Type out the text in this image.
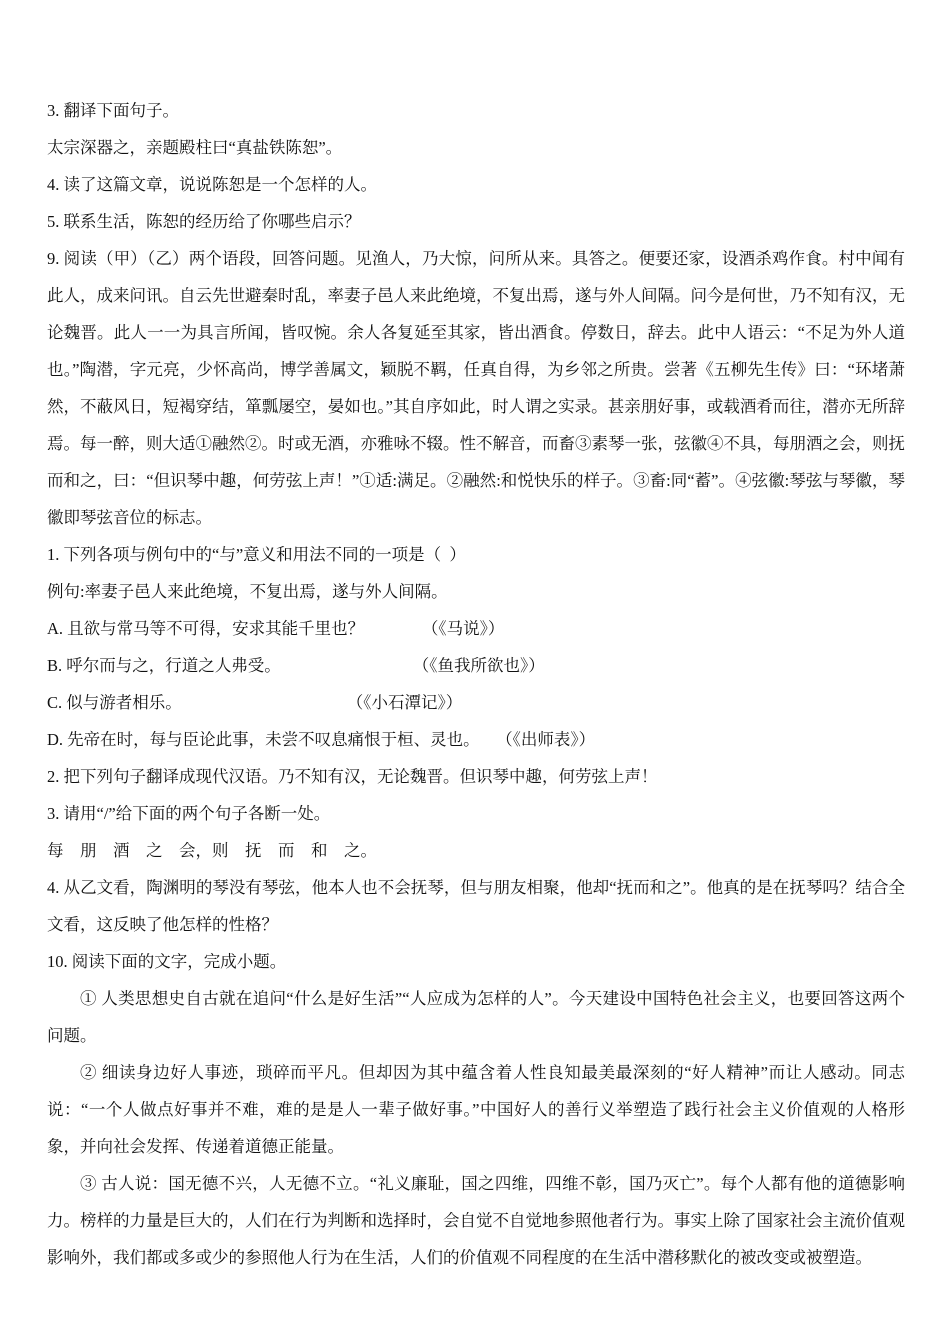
3. 翻译下面句子。

太宗深器之，亲题殿柱曰“真盐铁陈恕”。

4. 读了这篇文章，说说陈恕是一个怎样的人。

5. 联系生活，陈恕的经历给了你哪些启示？

9. 阅读（甲）（乙）两个语段，回答问题。见渔人，乃大惊，问所从来。具答之。便要还家，设酒杀鸡作食。村中闻有此人，成来问讯。自云先世避秦时乱，率妻子邑人来此绝境，不复出焉，遂与外人间隔。问今是何世，乃不知有汉，无论魏晋。此人一一为具言所闻，皆叹惋。余人各复延至其家，皆出酒食。停数日，辞去。此中人语云：“不足为外人道也。”陶潜，字元亮，少怀高尚，博学善属文，颖脱不羁，任真自得，为乡邻之所贵。尝著《五柳先生传》曰：“环堵萧然，不蔽风日，短褐穿结，箪瓢屡空，晏如也。”其自序如此，时人谓之实录。甚亲朋好事，或载酒肴而往，潜亦无所辞焉。每一醉，则大适①融然②。时或无酒，亦雅咏不辍。性不解音，而畜③素琴一张，弦徽④不具，每朋酒之会，则抚而和之，曰：“但识琴中趣，何劳弦上声！”①适:满足。②融然:和悦快乐的样子。③畜:同“蓄”。④弦徽:琴弦与琴徽，琴徽即琴弦音位的标志。

1. 下列各项与例句中的“与”意义和用法不同的一项是（  ）

例句:率妻子邑人来此绝境，不复出焉，遂与外人间隔。

A. 且欲与常马等不可得，安求其能千里也？　　　　（《马说》）

B. 呼尔而与之，行道之人弗受。　　　　　　　　　（《鱼我所欲也》）

C. 似与游者相乐。　　　　　　　　　　　（《小石潭记》）

D. 先帝在时，每与臣论此事，未尝不叹息痛恨于桓、灵也。　　（《出师表》）

2. 把下列句子翻译成现代汉语。乃不知有汉，无论魏晋。但识琴中趣，何劳弦上声！

3. 请用“/”给下面的两个句子各断一处。

每　朋　酒　之　会，则　抚　而　和　之。

4. 从乙文看，陶渊明的琴没有琴弦，他本人也不会抚琴，但与朋友相聚，他却“抚而和之”。他真的是在抚琴吗？结合全文看，这反映了他怎样的性格？

10. 阅读下面的文字，完成小题。

① 人类思想史自古就在追问“什么是好生活”“人应成为怎样的人”。今天建设中国特色社会主义，也要回答这两个问题。

② 细读身边好人事迹，琐碎而平凡。但却因为其中蕴含着人性良知最美最深刻的“好人精神”而让人感动。同志说：“一个人做点好事并不难，难的是是人一辈子做好事。”中国好人的善行义举塑造了践行社会主义价值观的人格形象，并向社会发挥、传递着道德正能量。

③ 古人说：国无德不兴，人无德不立。“礼义廉耻，国之四维，四维不彰，国乃灭亡”。每个人都有他的道德影响力。榜样的力量是巨大的，人们在行为判断和选择时，会自觉不自觉地参照他者行为。事实上除了国家社会主流价值观影响外，我们都或多或少的参照他人行为在生活，人们的价值观不同程度的在生活中潜移默化的被改变或被塑造。
